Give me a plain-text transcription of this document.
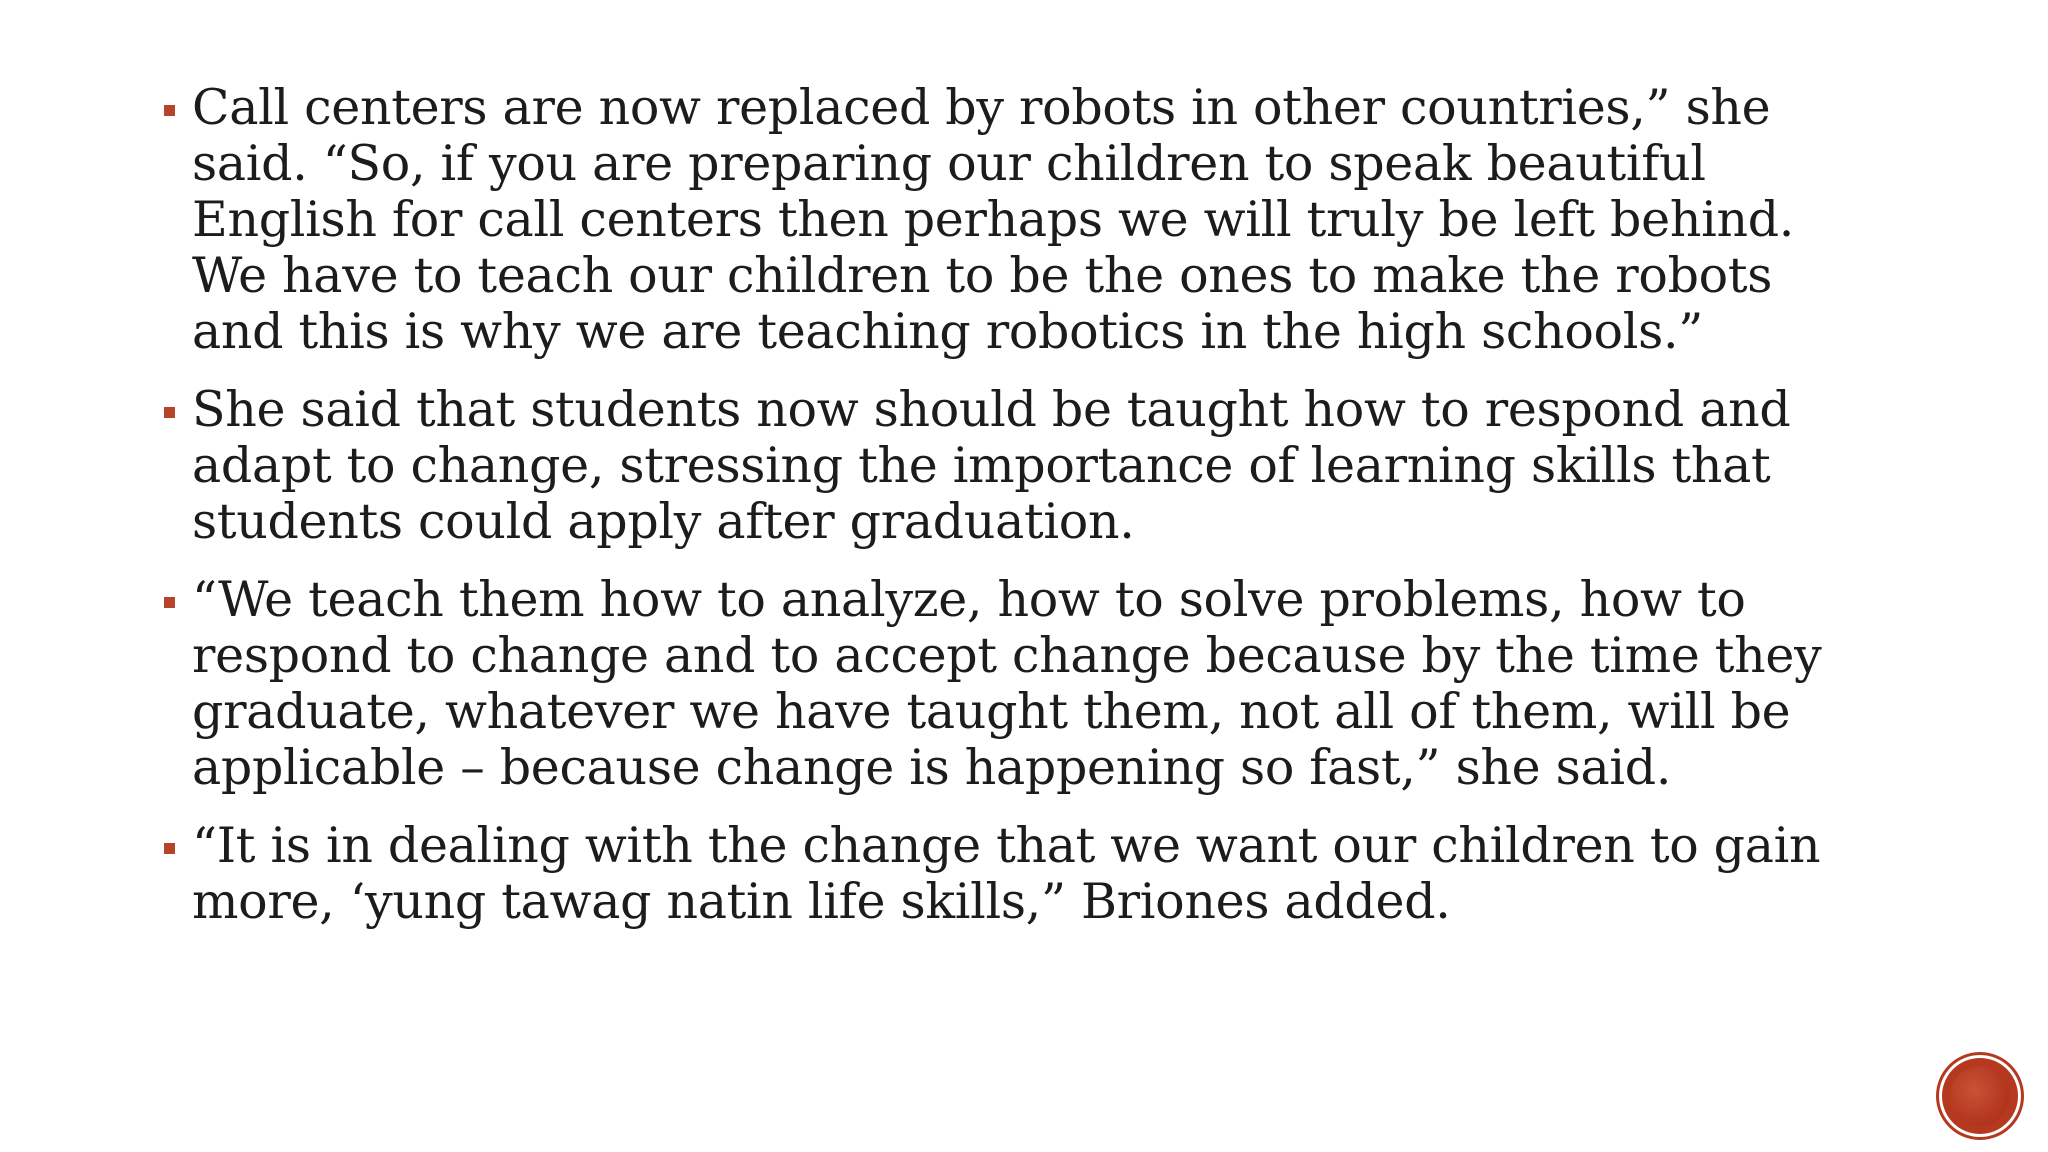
Call centers are now replaced by robots in other countries,” she said. “So, if you are preparing our children to speak beautiful English for call centers then perhaps we will truly be left behind. We have to teach our children to be the ones to make the robots and this is why we are teaching robotics in the high schools.”
She said that students now should be taught how to respond and adapt to change, stressing the importance of learning skills that students could apply after graduation.
“We teach them how to analyze, how to solve problems, how to respond to change and to accept change because by the time they graduate, whatever we have taught them, not all of them, will be applicable – because change is happening so fast,” she said.
“It is in dealing with the change that we want our children to gain more, ‘yung tawag natin life skills,” Briones added.
